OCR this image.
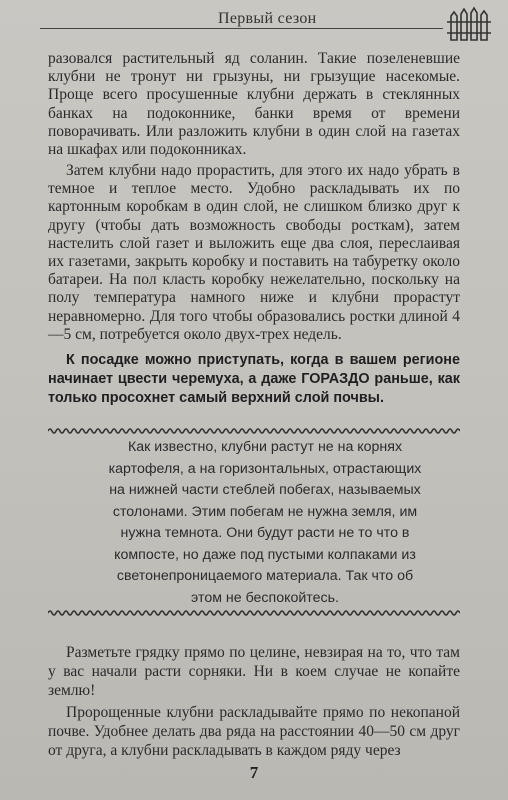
Первый сезон

разовался растительный яд соланин. Такие позеленевшие клубни не тронут ни грызуны, ни грызущие насекомые. Проще всего просушенные клубни держать в стеклянных банках на подоконнике, банки время от времени поворачивать. Или разложить клубни в один слой на газетах на шкафах или подоконниках.

Затем клубни надо прорастить, для этого их надо убрать в темное и теплое место. Удобно раскладывать их по картонным коробкам в один слой, не слишком близко друг к другу (чтобы дать возможность свободы росткам), затем настелить слой газет и выложить еще два слоя, переслаивая их газетами, закрыть коробку и поставить на табуретку около батареи. На пол класть коробку нежелательно, поскольку на полу температура намного ниже и клубни прорастут неравномерно. Для того чтобы образовались ростки длиной 4—5 см, потребуется около двух-трех недель.

К посадке можно приступать, когда в вашем регионе начинает цвести черемуха, а даже ГОРАЗДО раньше, как только просохнет самый верхний слой почвы.
Как известно, клубни растут не на корнях картофеля, а на горизонтальных, отрастающих на нижней части стеблей побегах, называемых столонами. Этим побегам не нужна земля, им нужна темнота. Они будут расти не то что в компосте, но даже под пустыми колпаками из светонепроницаемого материала. Так что об этом не беспокойтесь.

Разметьте грядку прямо по целине, невзирая на то, что там у вас начали расти сорняки. Ни в коем случае не копайте землю!

Пророщенные клубни раскладывайте прямо по некопаной почве. Удобнее делать два ряда на расстоянии 40—50 см друг от друга, а клубни раскладывать в каждом ряду через

7
